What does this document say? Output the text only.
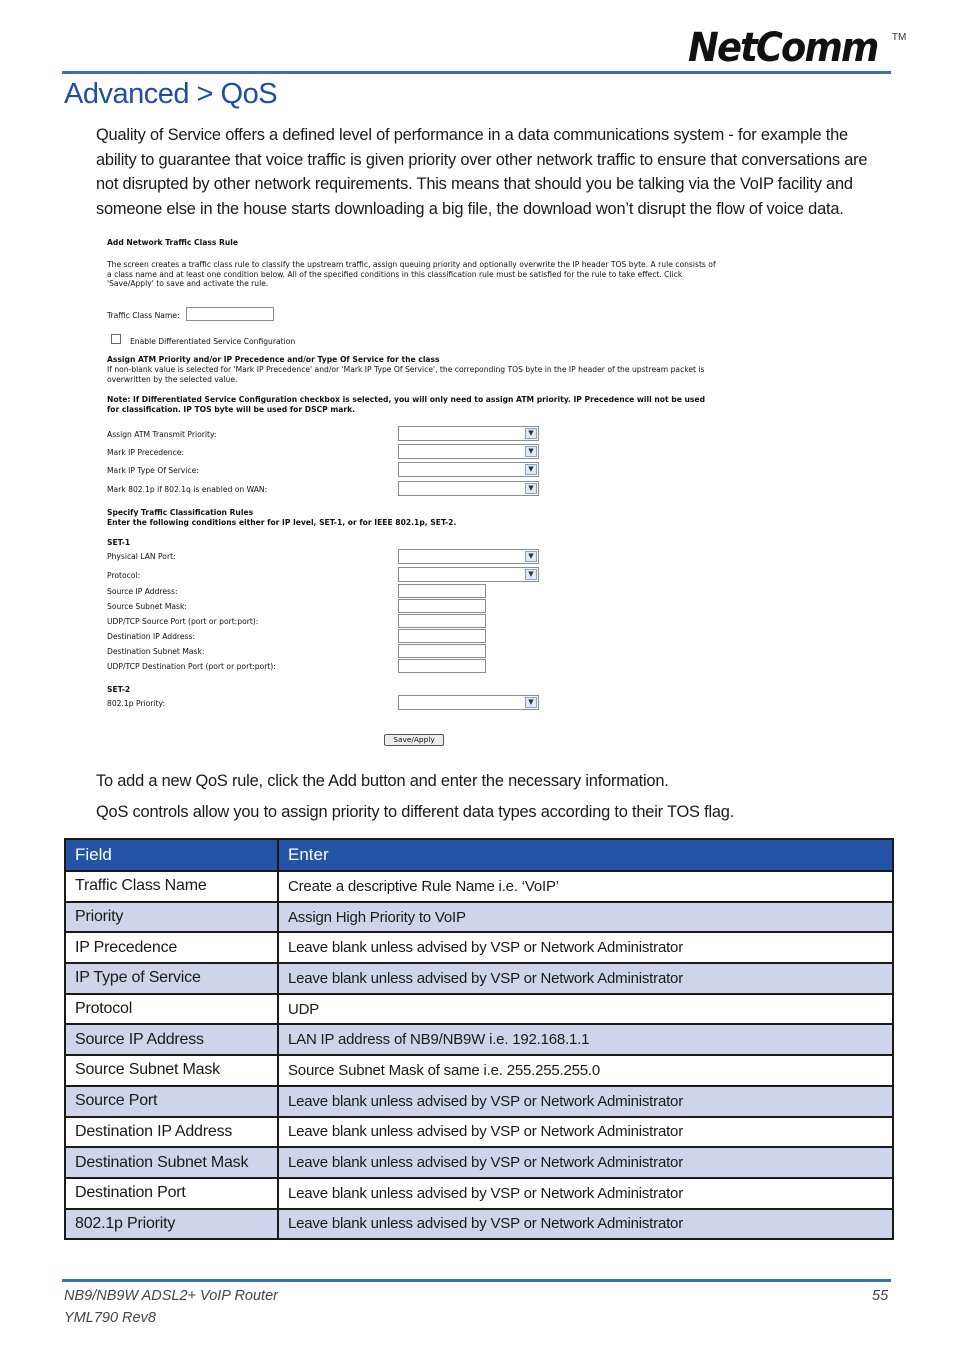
NetComm TM
Advanced > QoS

Quality of Service offers a defined level of performance in a data communications system - for example the ability to guarantee that voice traffic is given priority over other network traffic to ensure that conversations are not disrupted by other network requirements. This means that should you be talking via the VoIP facility and someone else in the house starts downloading a big file, the download won’t disrupt the flow of voice data.

Add Network Traffic Class Rule
The screen creates a traffic class rule to classify the upstream traffic, assign queuing priority and optionally overwrite the IP header TOS byte. A rule consists of a class name and at least one condition below. All of the specified conditions in this classification rule must be satisfied for the rule to take effect. Click 'Save/Apply' to save and activate the rule.
Traffic Class Name:
Enable Differentiated Service Configuration
Assign ATM Priority and/or IP Precedence and/or Type Of Service for the class
If non-blank value is selected for 'Mark IP Precedence' and/or 'Mark IP Type Of Service', the correponding TOS byte in the IP header of the upstream packet is overwritten by the selected value.
Note: If Differentiated Service Configuration checkbox is selected, you will only need to assign ATM priority. IP Precedence will not be used for classification. IP TOS byte will be used for DSCP mark.
Assign ATM Transmit Priority:	▼
Mark IP Precedence:	▼
Mark IP Type Of Service:	▼
Mark 802.1p if 802.1q is enabled on WAN:	▼
Specify Traffic Classification Rules
Enter the following conditions either for IP level, SET-1, or for IEEE 802.1p, SET-2.
SET-1
Physical LAN Port:	▼
Protocol:	▼
Source IP Address:
Source Subnet Mask:
UDP/TCP Source Port (port or port:port):
Destination IP Address:
Destination Subnet Mask:
UDP/TCP Destination Port (port or port:port):
SET-2
802.1p Priority:	▼
Save/Apply

To add a new QoS rule, click the Add button and enter the necessary information.

QoS controls allow you to assign priority to different data types according to their TOS flag.

Field	Enter
Traffic Class Name	Create a descriptive Rule Name i.e. ‘VoIP’
Priority	Assign High Priority to VoIP
IP Precedence	Leave blank unless advised by VSP or Network Administrator
IP Type of Service	Leave blank unless advised by VSP or Network Administrator
Protocol	UDP
Source IP Address	LAN IP address of NB9/NB9W i.e. 192.168.1.1
Source Subnet Mask	Source Subnet Mask of same i.e. 255.255.255.0
Source Port	Leave blank unless advised by VSP or Network Administrator
Destination IP Address	Leave blank unless advised by VSP or Network Administrator
Destination Subnet Mask	Leave blank unless advised by VSP or Network Administrator
Destination Port	Leave blank unless advised by VSP or Network Administrator
802.1p Priority	Leave blank unless advised by VSP or Network Administrator

NB9/NB9W ADSL2+ VoIP Router

YML790 Rev8

55
